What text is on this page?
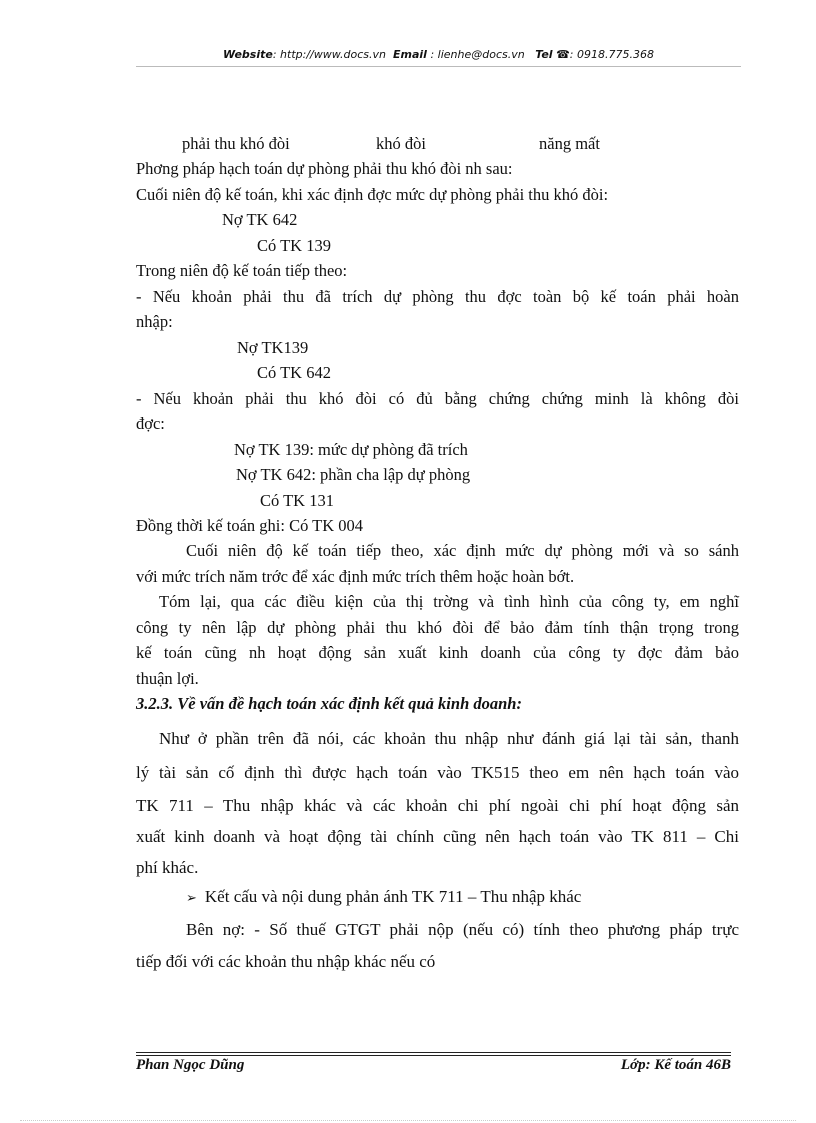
Website: http://www.docs.vn Email : lienhe@docs.vn Tel ☎: 0918.775.368
phải thu khó đòi	khó đòi	năng mất
Phơng pháp hạch toán dự phòng phải thu khó đòi nh sau:
Cuối niên độ kế toán, khi xác định đợc mức dự phòng phải thu khó đòi:
Nợ TK 642
Có TK 139
Trong niên độ kế toán tiếp theo:
- Nếu khoản phải thu đã trích dự phòng thu đợc toàn bộ kế toán phải hoàn
nhập:
Nợ TK139
Có TK 642
- Nếu khoản phải thu khó đòi có đủ bằng chứng chứng minh là không đòi
đợc:
Nợ TK 139: mức dự phòng đã trích
Nợ TK 642: phần cha lập dự phòng
Có TK 131
Đồng thời kế toán ghi: Có TK 004
Cuối niên độ kế toán tiếp theo, xác định mức dự phòng mới và so sánh
với mức trích năm trớc để xác định mức trích thêm hoặc hoàn bớt.
Tóm lại, qua các điều kiện của thị trờng và tình hình của công ty, em nghĩ
công ty nên lập dự phòng phải thu khó đòi để bảo đảm tính thận trọng trong
kế toán cũng nh hoạt động sản xuất kinh doanh của công ty đợc đảm bảo
thuận lợi.
3.2.3. Về vấn đề hạch toán xác định kết quả kinh doanh:
Như ở phần trên đã nói, các khoản thu nhập như đánh giá lại tài sản, thanh
lý tài sản cố định thì được hạch toán vào TK515 theo em nên hạch toán vào
TK 711 – Thu nhập khác và các khoản chi phí ngoài chi phí hoạt động sản
xuất kinh doanh và hoạt động tài chính cũng nên hạch toán vào TK 811 – Chi
phí khác.
➢ Kết cấu và nội dung phản ánh TK 711 – Thu nhập khác
Bên nợ: - Số thuế GTGT phải nộp (nếu có) tính theo phương pháp trực
tiếp đối với các khoản thu nhập khác nếu có
Phan Ngọc Dũng	Lớp: Kế toán 46B
